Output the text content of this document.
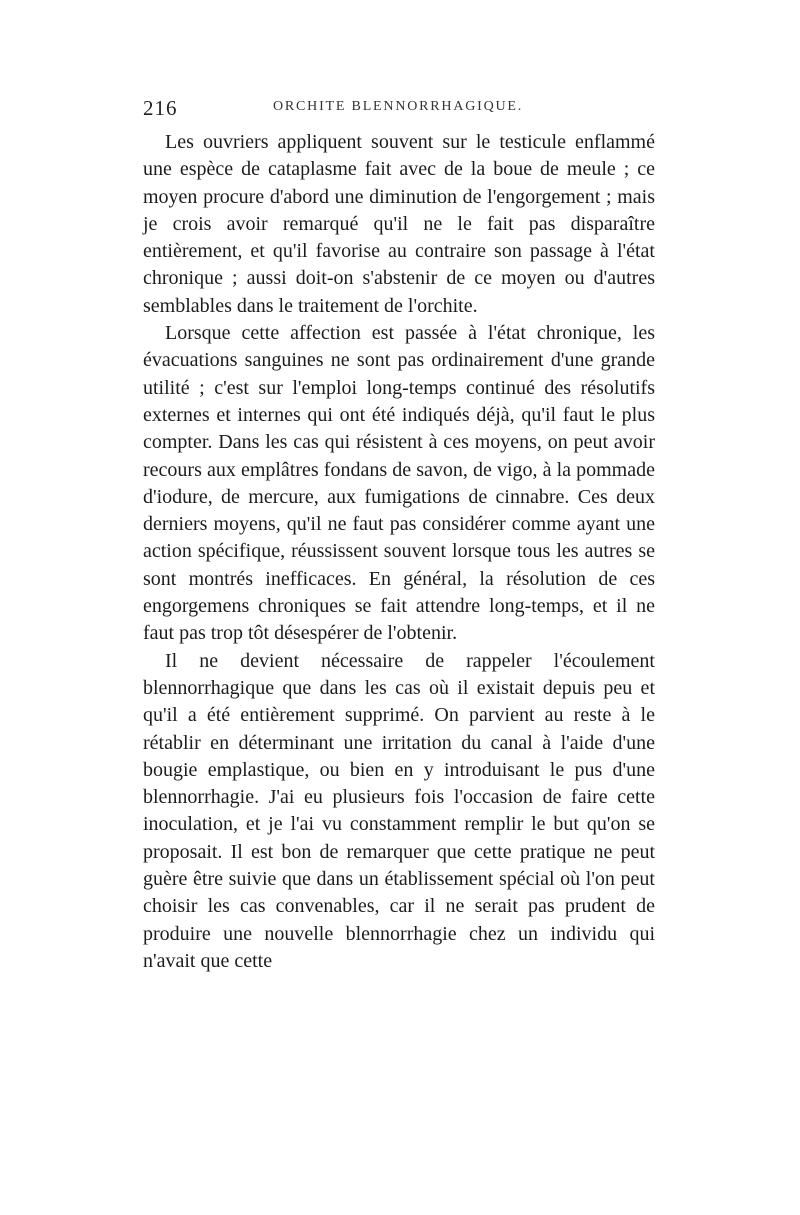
216	ORCHITE BLENNORRHAGIQUE.

Les ouvriers appliquent souvent sur le testicule enflammé une espèce de cataplasme fait avec de la boue de meule ; ce moyen procure d'abord une diminution de l'engorgement ; mais je crois avoir remarqué qu'il ne le fait pas disparaître entièrement, et qu'il favorise au contraire son passage à l'état chronique ; aussi doit-on s'abstenir de ce moyen ou d'autres semblables dans le traitement de l'orchite.

Lorsque cette affection est passée à l'état chronique, les évacuations sanguines ne sont pas ordinairement d'une grande utilité ; c'est sur l'emploi long-temps continué des résolutifs externes et internes qui ont été indiqués déjà, qu'il faut le plus compter. Dans les cas qui résistent à ces moyens, on peut avoir recours aux emplâtres fondans de savon, de vigo, à la pommade d'iodure, de mercure, aux fumigations de cinnabre. Ces deux derniers moyens, qu'il ne faut pas considérer comme ayant une action spécifique, réussissent souvent lorsque tous les autres se sont montrés inefficaces. En général, la résolution de ces engorgemens chroniques se fait attendre long-temps, et il ne faut pas trop tôt désespérer de l'obtenir.

Il ne devient nécessaire de rappeler l'écoulement blennorrhagique que dans les cas où il existait depuis peu et qu'il a été entièrement supprimé. On parvient au reste à le rétablir en déterminant une irritation du canal à l'aide d'une bougie emplastique, ou bien en y introduisant le pus d'une blennorrhagie. J'ai eu plusieurs fois l'occasion de faire cette inoculation, et je l'ai vu constamment remplir le but qu'on se proposait. Il est bon de remarquer que cette pratique ne peut guère être suivie que dans un établissement spécial où l'on peut choisir les cas convenables, car il ne serait pas prudent de produire une nouvelle blennorrhagie chez un individu qui n'avait que cette
